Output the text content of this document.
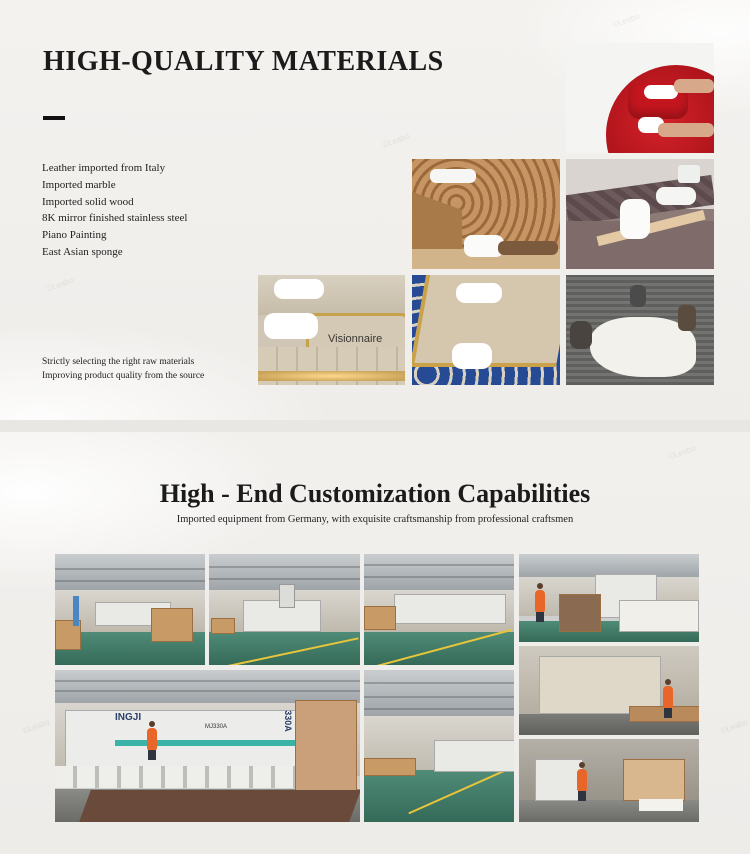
HIGH-QUALITY MATERIALS
Leather imported from Italy
Imported marble
Imported solid wood
8K mirror finished stainless steel
Piano Painting
East Asian sponge
Strictly selecting the right raw materials
Improving product quality from the source
Visionnaire
©Leabo
©Leabo
©Leabo
High - End Customization Capabilities

Imported equipment from Germany, with exquisite craftsmanship from professional craftsmen

INGJI
MJ330A	330A
©Leabo
©Leabo	©Leabo
